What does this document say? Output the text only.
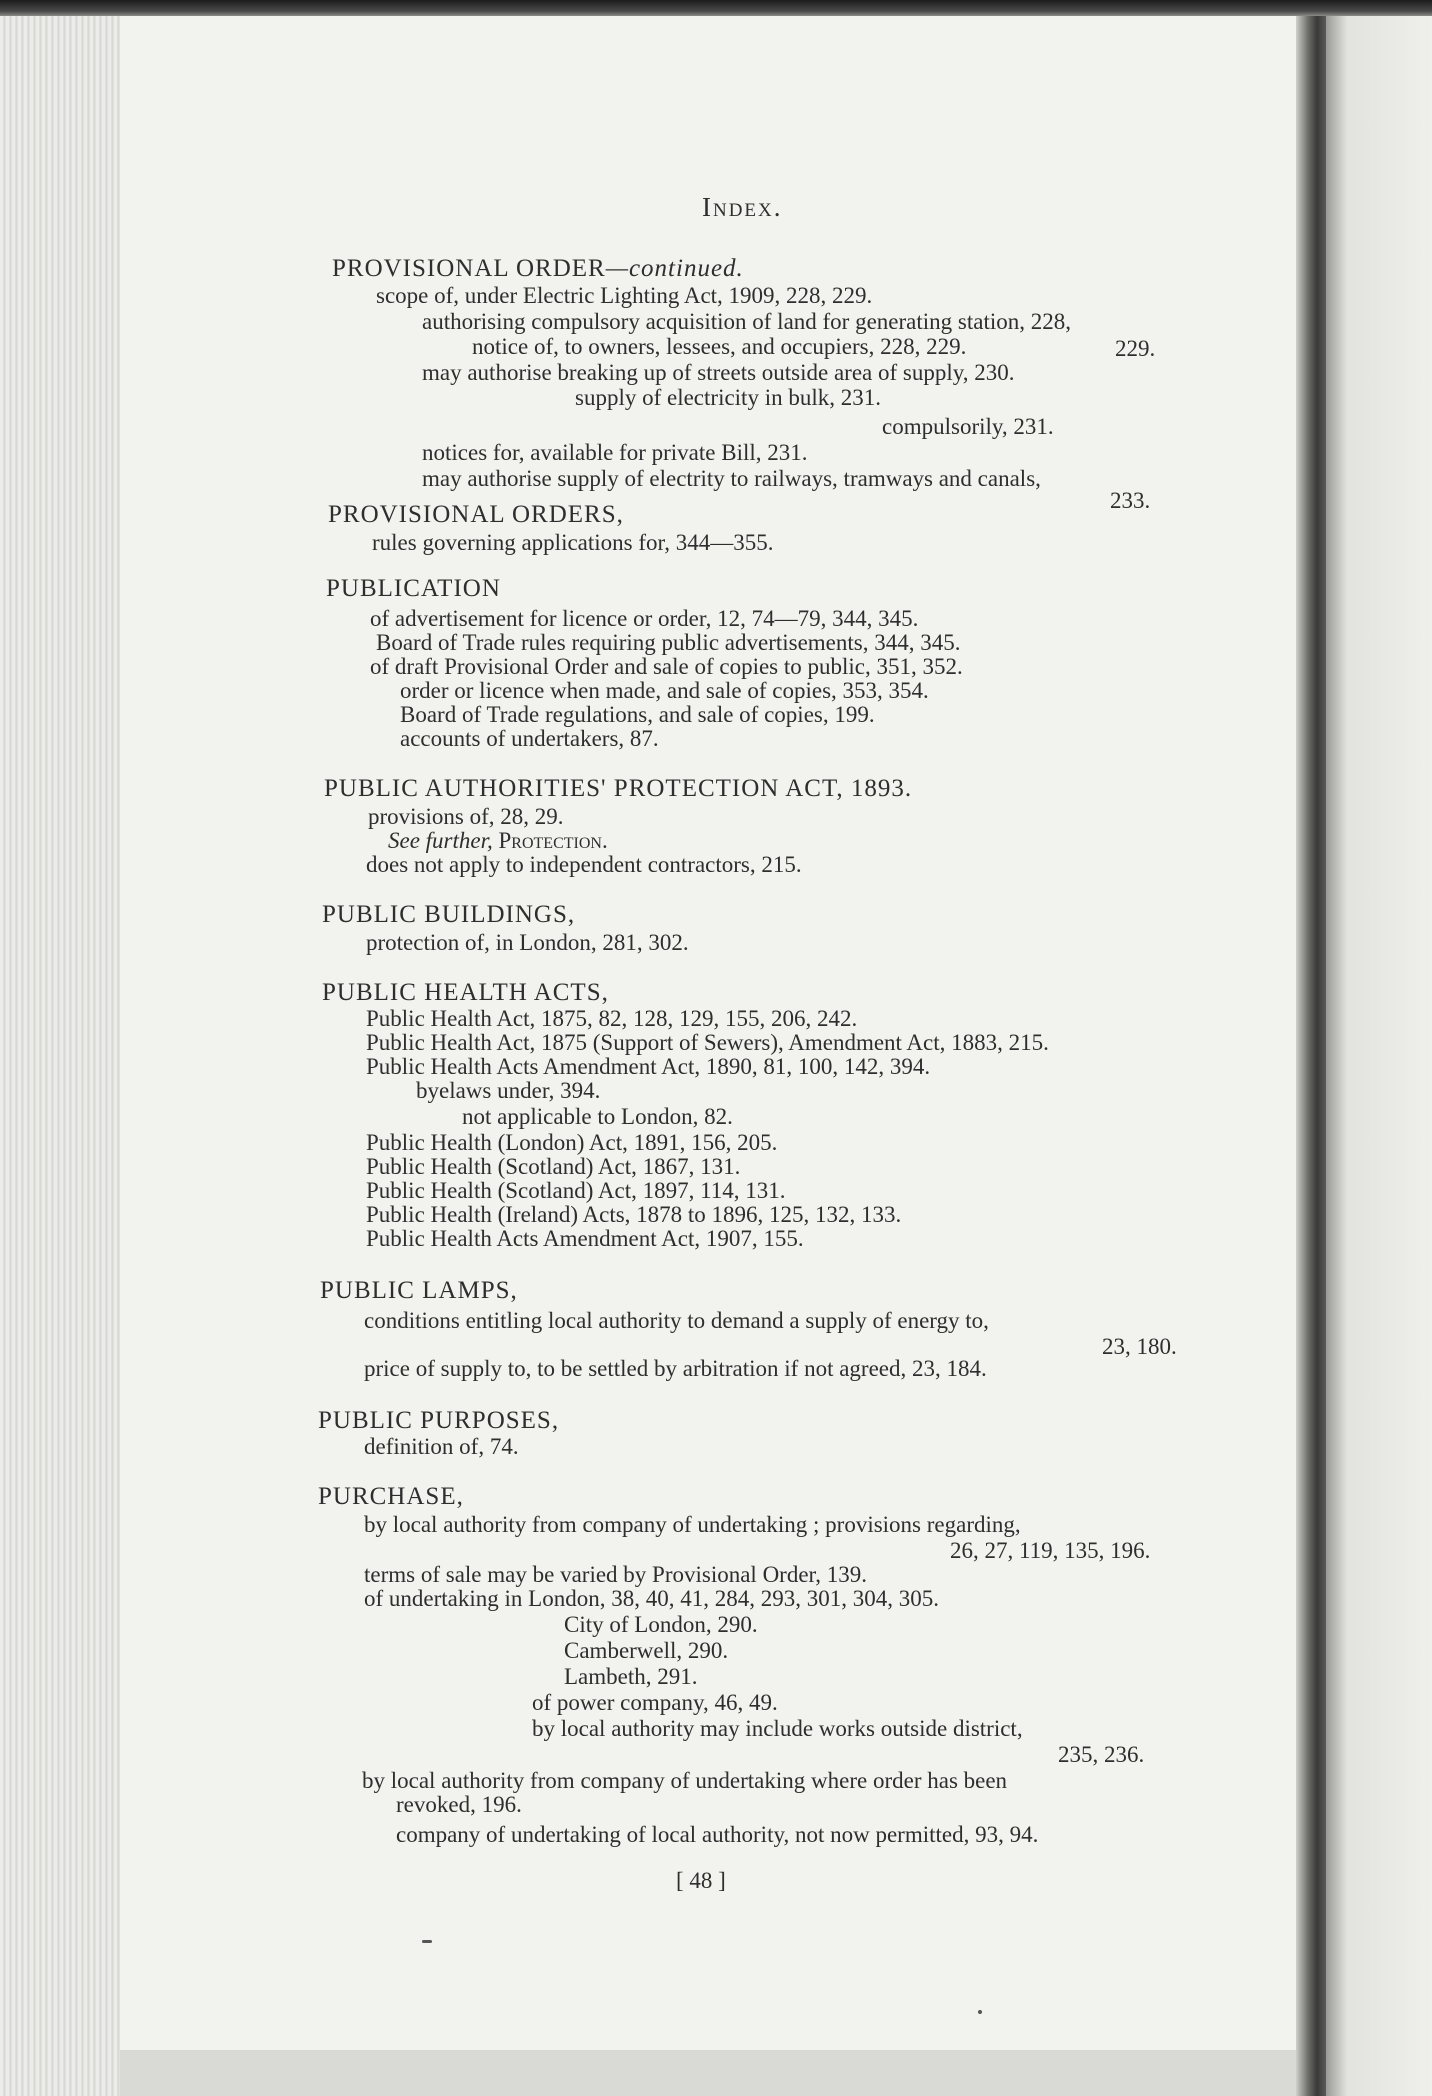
Index.
PROVISIONAL ORDER—continued.
scope of, under Electric Lighting Act, 1909, 228, 229.
authorising compulsory acquisition of land for generating station, 228,
notice of, to owners, lessees, and occupiers, 228, 229.	229.
may authorise breaking up of streets outside area of supply, 230.
supply of electricity in bulk, 231.
compulsorily, 231.
notices for, available for private Bill, 231.
may authorise supply of electrity to railways, tramways and canals,
233.
PROVISIONAL ORDERS,
rules governing applications for, 344—355.
PUBLICATION
of advertisement for licence or order, 12, 74—79, 344, 345.
Board of Trade rules requiring public advertisements, 344, 345.
of draft Provisional Order and sale of copies to public, 351, 352.
order or licence when made, and sale of copies, 353, 354.
Board of Trade regulations, and sale of copies, 199.
accounts of undertakers, 87.
PUBLIC AUTHORITIES' PROTECTION ACT, 1893.
provisions of, 28, 29.
See further, Protection.
does not apply to independent contractors, 215.
PUBLIC BUILDINGS,
protection of, in London, 281, 302.
PUBLIC HEALTH ACTS,
Public Health Act, 1875, 82, 128, 129, 155, 206, 242.
Public Health Act, 1875 (Support of Sewers), Amendment Act, 1883, 215.
Public Health Acts Amendment Act, 1890, 81, 100, 142, 394.
byelaws under, 394.
not applicable to London, 82.
Public Health (London) Act, 1891, 156, 205.
Public Health (Scotland) Act, 1867, 131.
Public Health (Scotland) Act, 1897, 114, 131.
Public Health (Ireland) Acts, 1878 to 1896, 125, 132, 133.
Public Health Acts Amendment Act, 1907, 155.
PUBLIC LAMPS,
conditions entitling local authority to demand a supply of energy to,
23, 180.
price of supply to, to be settled by arbitration if not agreed, 23, 184.
PUBLIC PURPOSES,
definition of, 74.
PURCHASE,
by local authority from company of undertaking ; provisions regarding,
26, 27, 119, 135, 196.
terms of sale may be varied by Provisional Order, 139.
of undertaking in London, 38, 40, 41, 284, 293, 301, 304, 305.
City of London, 290.
Camberwell, 290.
Lambeth, 291.
of power company, 46, 49.
by local authority may include works outside district,
235, 236.
by local authority from company of undertaking where order has been
revoked, 196.
company of undertaking of local authority, not now permitted, 93, 94.
[ 48 ]
